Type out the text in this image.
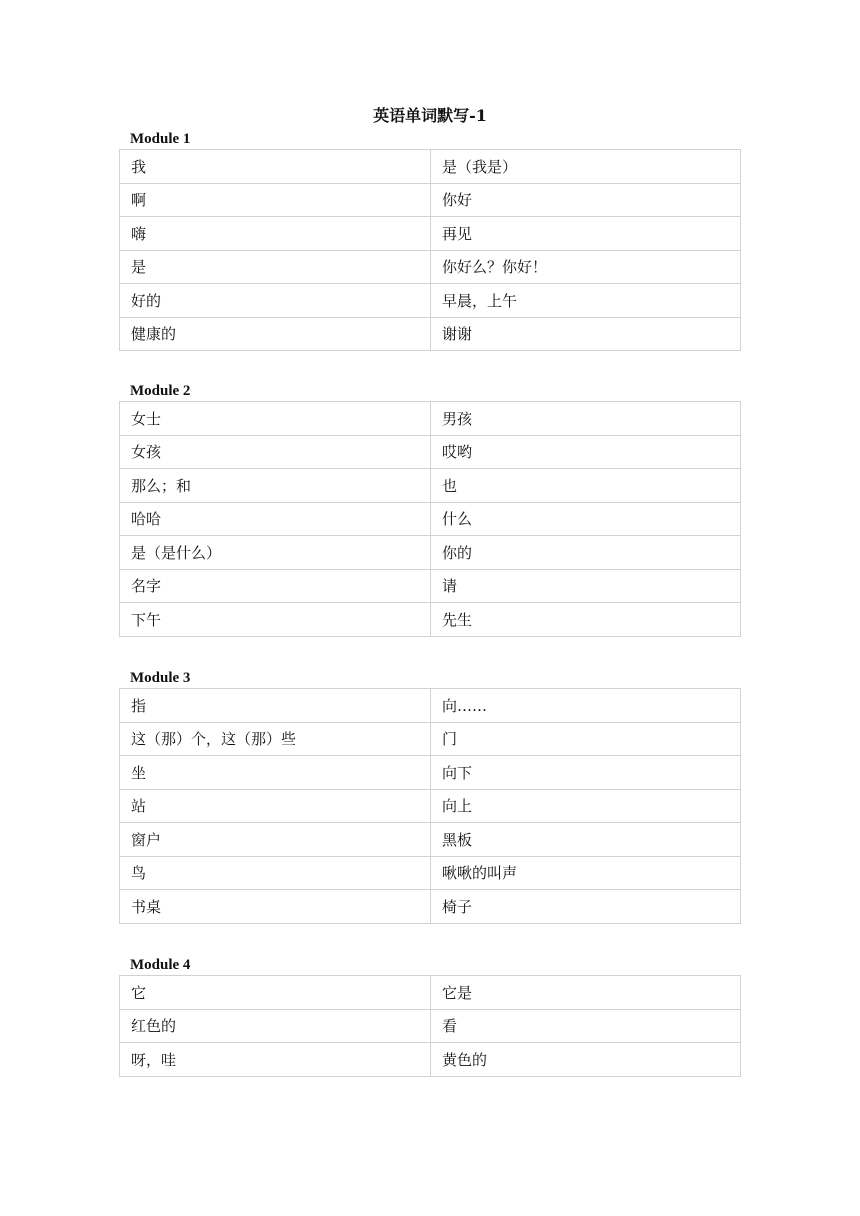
英语单词默写-1
Module 1
我	是（我是）
啊	你好
嗨	再见
是	你好么？你好！
好的	早晨，上午
健康的	谢谢
Module 2
女士	男孩
女孩	哎哟
那么；和	也
哈哈	什么
是（是什么）	你的
名字	请
下午	先生
Module 3
指	向……
这（那）个，这（那）些	门
坐	向下
站	向上
窗户	黑板
鸟	啾啾的叫声
书桌	椅子
Module 4
它	它是
红色的	看
呀，哇	黄色的
